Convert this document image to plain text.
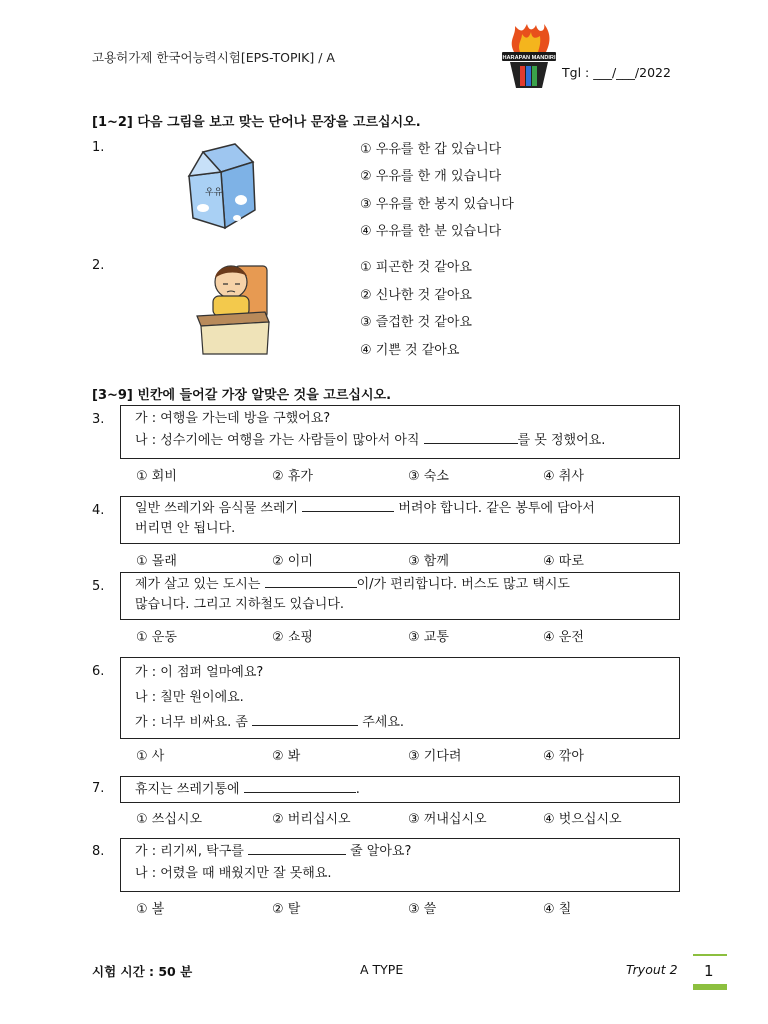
고용허가제 한국어능력시험[EPS-TOPIK] / A	HARAPAN MANDIRI
Tgl : ___/___/2022
[1~2] 다음 그림을 보고 맞는 단어나 문장을 고르십시오.
1.
우유
① 우유를 한 갑 있습니다
② 우유를 한 개 있습니다
③ 우유를 한 봉지 있습니다
④ 우유를 한 분 있습니다
2.	① 피곤한 것 같아요
② 신나한 것 같아요
③ 즐겁한 것 같아요
④ 기쁜 것 같아요
[3~9] 빈칸에 들어갈 가장 알맞은 것을 고르십시오.
3. 가 : 여행을 가는데 방을 구했어요?
나 : 성수기에는 여행을 가는 사람들이 많아서 아직	를 못 정했어요.
① 회비	② 휴가	③ 숙소	④ 취사
4. 일반 쓰레기와 음식물 쓰레기	버려야 합니다. 같은 봉투에 담아서
버리면 안 됩니다.
① 몰래	② 이미	③ 함께	④ 따로
5. 제가 살고 있는 도시는	이/가 편리합니다. 버스도 많고 택시도
많습니다. 그리고 지하철도 있습니다.
① 운동	② 쇼핑	③ 교통	④ 운전
6. 가 : 이 점퍼 얼마예요?
나 : 칠만 원이에요.
가 : 너무 비싸요. 좀	주세요.
① 사	② 봐	③ 기다려	④ 깎아
7. 휴지는 쓰레기통에	.
① 쓰십시오	② 버리십시오	③ 꺼내십시오	④ 벗으십시오
8. 가 : 리기씨, 탁구를	줄 알아요?
나 : 어렸을 때 배웠지만 잘 못해요.
① 볼	② 탈	③ 쓸	④ 칠
시험 시간 : 50 분	A TYPE	Tryout 2 1
